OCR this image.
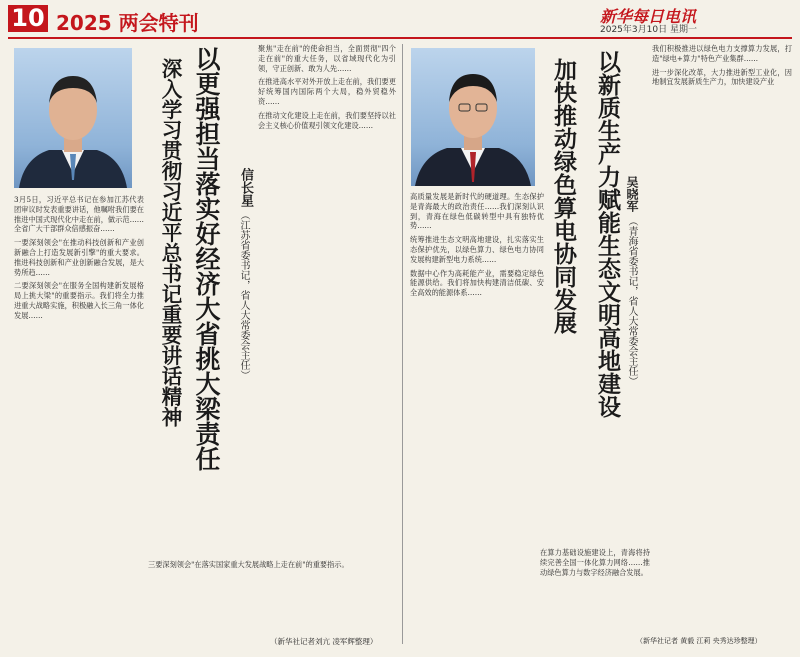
10 2025 两会特刊	新华每日电讯
2025年3月10日 星期一
以更强担当落实好经济大省挑大梁责任
深入学习贯彻习近平总书记重要讲话精神	信长星
（江苏省委书记，省人大常委会主任）

3月5日，习近平总书记在参加江苏代表团审议时发表重要讲话，他嘱咐我们要在推进中国式现代化中走在前，做示范……全省广大干部群众倍感振奋……

一要深刻领会"在推动科技创新和产业创新融合上打造发展新引擎"的重大要求。推进科技创新和产业创新融合发展，是大势所趋……

二要深刻领会"在服务全国构建新发展格局上挑大梁"的重要指示。我们将全力推进重大战略实施，积极融入长三角一体化发展……

聚焦"走在前"的使命担当，全面贯彻"四个走在前"的重大任务，以省域现代化为引领，守正创新、敢为人先……

在推进高水平对外开放上走在前，我们要更好统筹国内国际两个大局，稳外贸稳外资……

在推动文化建设上走在前，我们要坚持以社会主义核心价值观引领文化建设……

三要深刻领会"在落实国家重大发展战略上走在前"的重要指示。

（新华社记者刘亢 凌军辉整理）
以新质生产力赋能生态文明高地建设
加快推动绿色算电协同发展	吴晓军
（青海省委书记，省人大常委会主任）

高质量发展是新时代的硬道理。生态保护是青海最大的政治责任……我们深刻认识到，青海在绿色低碳转型中具有独特优势……

统筹推进生态文明高地建设，扎实落实生态保护优先，以绿色算力、绿色电力协同发展构建新型电力系统……

数据中心作为高耗能产业，需要稳定绿色能源供给。我们将加快构建清洁低碳、安全高效的能源体系……

在算力基础设施建设上，青海将持续完善全国一体化算力网络……推动绿色算力与数字经济融合发展。

我们积极推进以绿色电力支撑算力发展，打造"绿电+算力"特色产业集群……

进一步深化改革，大力推进新型工业化，因地制宜发展新质生产力，加快建设产业

（新华社记者 黄毅 江莉 央秀达珍整理）
